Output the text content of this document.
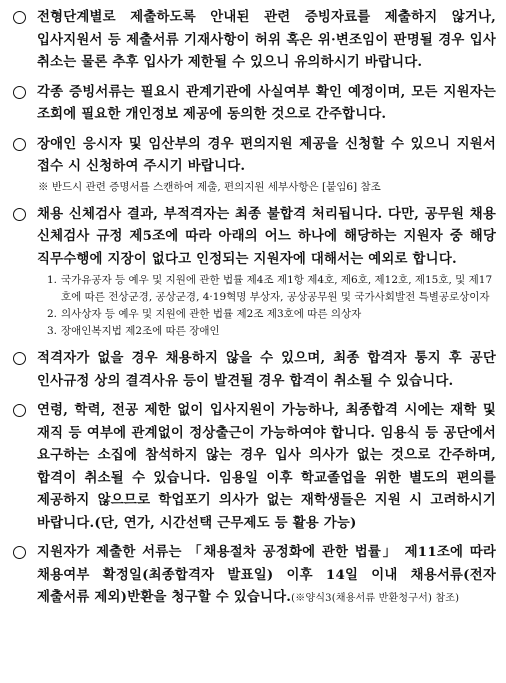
전형단계별로 제출하도록 안내된 관련 증빙자료를 제출하지 않거나, 입사지원서 등 제출서류 기재사항이 허위 혹은 위·변조임이 판명될 경우 입사 취소는 물론 추후 입사가 제한될 수 있으니 유의하시기 바랍니다.
각종 증빙서류는 필요시 관계기관에 사실여부 확인 예정이며, 모든 지원자는 조회에 필요한 개인정보 제공에 동의한 것으로 간주합니다.
장애인 응시자 및 임산부의 경우 편의지원 제공을 신청할 수 있으니 지원서 접수 시 신청하여 주시기 바랍니다.
※ 반드시 관련 증명서를 스캔하여 제출, 편의지원 세부사항은 [붙임6] 참조
채용 신체검사 결과, 부적격자는 최종 불합격 처리됩니다. 다만, 공무원 채용 신체검사 규정 제5조에 따라 아래의 어느 하나에 해당하는 지원자 중 해당 직무수행에 지장이 없다고 인정되는 지원자에 대해서는 예외로 합니다.
1. 국가유공자 등 예우 및 지원에 관한 법률 제4조 제1항 제4호, 제6호, 제12호, 제15호, 및 제17호에 따른 전상군경, 공상군경, 4·19혁명 부상자, 공상공무원 및 국가사회발전 특별공로상이자
2. 의사상자 등 예우 및 지원에 관한 법률 제2조 제3호에 따른 의상자
3. 장애인복지법 제2조에 따른 장애인
적격자가 없을 경우 채용하지 않을 수 있으며, 최종 합격자 통지 후 공단 인사규정 상의 결격사유 등이 발견될 경우 합격이 취소될 수 있습니다.
연령, 학력, 전공 제한 없이 입사지원이 가능하나, 최종합격 시에는 재학 및 재직 등 여부에 관계없이 정상출근이 가능하여야 합니다. 임용식 등 공단에서 요구하는 소집에 참석하지 않는 경우 입사 의사가 없는 것으로 간주하며, 합격이 취소될 수 있습니다. 임용일 이후 학교졸업을 위한 별도의 편의를 제공하지 않으므로 학업포기 의사가 없는 재학생들은 지원 시 고려하시기 바랍니다.(단, 연가, 시간선택 근무제도 등 활용 가능)
지원자가 제출한 서류는 「채용절차 공정화에 관한 법률」 제11조에 따라 채용여부 확정일(최종합격자 발표일) 이후 14일 이내 채용서류(전자 제출서류 제외)반환을 청구할 수 있습니다.(※양식3(채용서류 반환청구서) 참조)
